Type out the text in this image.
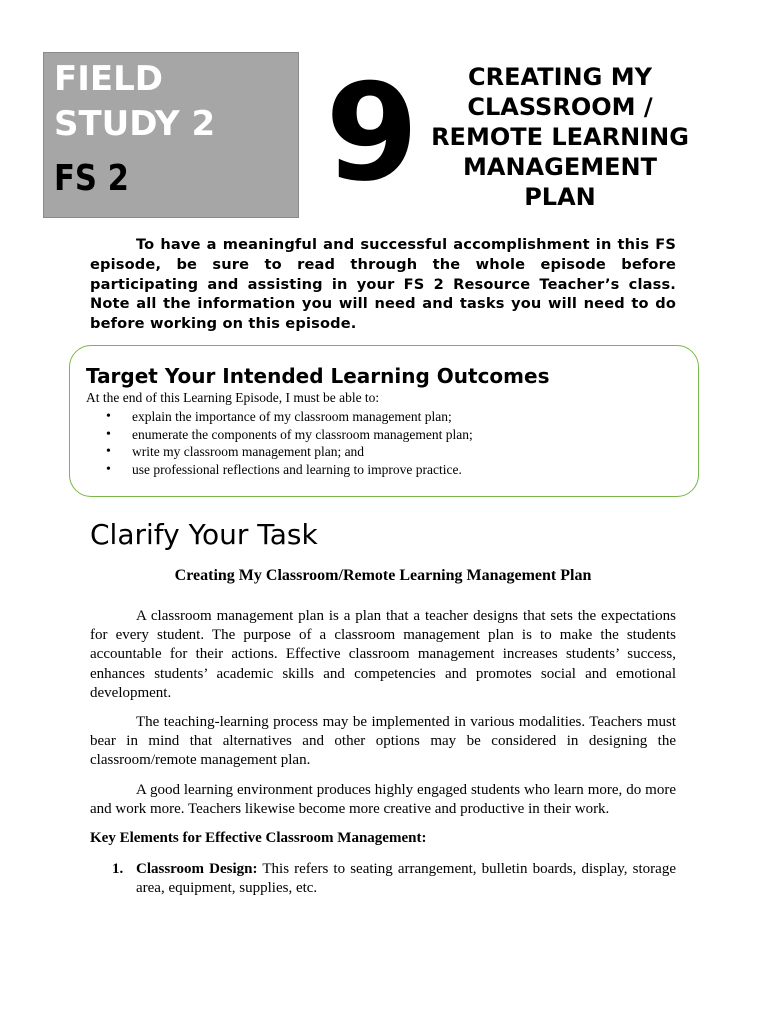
FIELD
STUDY 2
FS 2 9	CREATING MY
CLASSROOM /
REMOTE LEARNING
MANAGEMENT
PLAN

To have a meaningful and successful accomplishment in this FS episode, be sure to read through the whole episode before participating and assisting in your FS 2 Resource Teacher’s class. Note all the information you will need and tasks you will need to do before working on this episode.

Target Your Intended Learning Outcomes

At the end of this Learning Episode, I must be able to:

• explain the importance of my classroom management plan;
• enumerate the components of my classroom management plan;
• write my classroom management plan; and
• use professional reflections and learning to improve practice.
Clarify Your Task
Creating My Classroom/Remote Learning Management Plan

A classroom management plan is a plan that a teacher designs that sets the expectations for every student. The purpose of a classroom management plan is to make the students accountable for their actions. Effective classroom management increases students’ success, enhances students’ academic skills and competencies and promotes social and emotional development.

The teaching-learning process may be implemented in various modalities. Teachers must bear in mind that alternatives and other options may be considered in designing the classroom/remote management plan.

A good learning environment produces highly engaged students who learn more, do more and work more. Teachers likewise become more creative and productive in their work.

Key Elements for Effective Classroom Management:

1. Classroom Design: This refers to seating arrangement, bulletin boards, display, storage area, equipment, supplies, etc.
